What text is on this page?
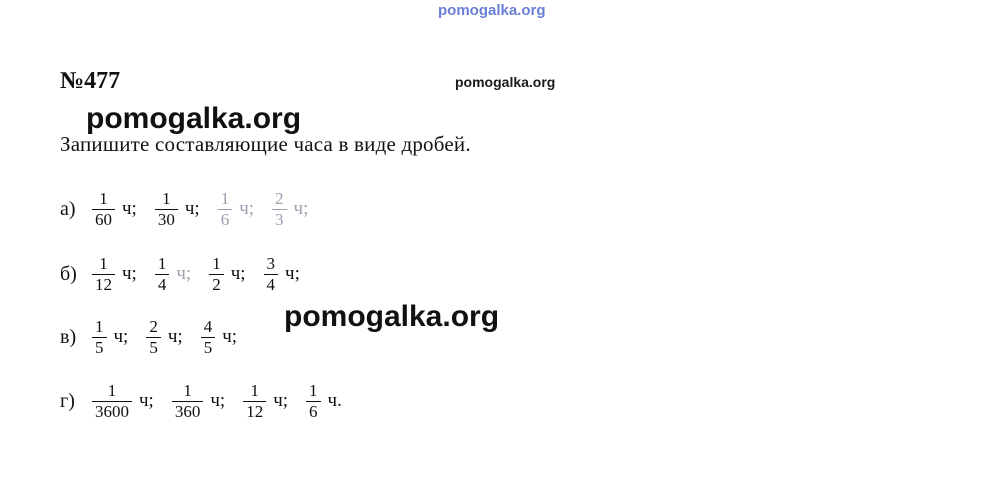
pomogalka.org
pomogalka.org
№477
pomogalka.org
Запишите составляющие часа в виде дробей.
$а) \frac{1}{60} ч$; $\frac{1}{30} ч$; $\frac{1}{6} ч$; $\frac{2}{3} ч$;
$б) \frac{1}{12} ч$; $\frac{1}{4} ч$; $\frac{1}{2} ч$; $\frac{3}{4} ч$;
$в) \frac{1}{5} ч$; $\frac{2}{5} ч$; $\frac{4}{5} ч$;
г)	$\frac{1}{3600} ч$; $\frac{1}{360} ч$; $\frac{1}{12} ч$; $\frac{1}{6} ч$.
pomogalka.org
